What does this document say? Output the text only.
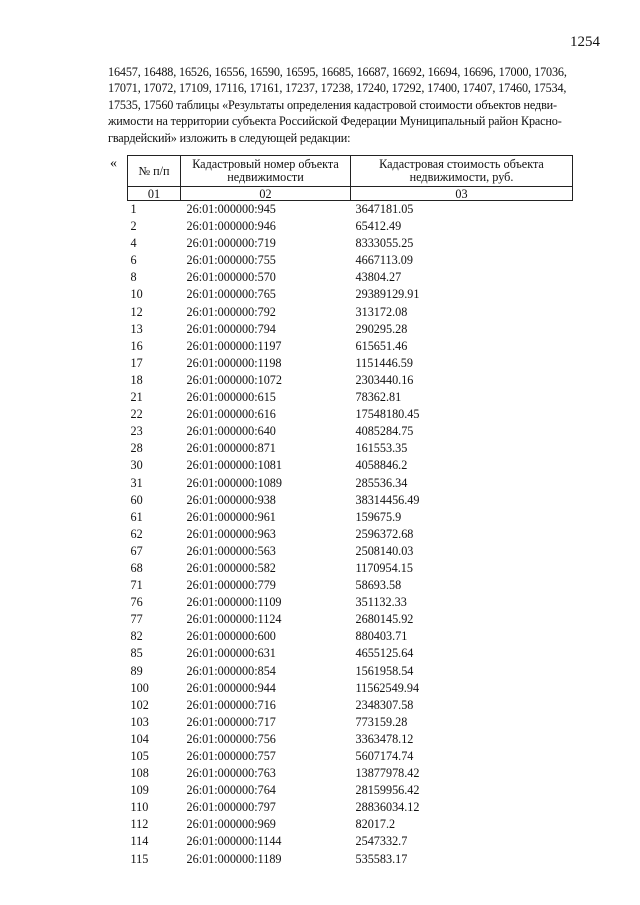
1254
16457, 16488, 16526, 16556, 16590, 16595, 16685, 16687, 16692, 16694, 16696, 17000, 17036,
17071, 17072, 17109, 17116, 17161, 17237, 17238, 17240, 17292, 17400, 17407, 17460, 17534,
17535, 17560 таблицы «Результаты определения кадастровой стоимости объектов недви-
жимости на территории субъекта Российской Федерации Муниципальный район Красно-
гвардейский» изложить в следующей редакции:
« № п/п	Кадастровый номер объекта недвижимости	Кадастровая стоимость объекта недвижимости, руб.
01	02	03
1	26:01:000000:945	3647181.05
2	26:01:000000:946	65412.49
4	26:01:000000:719	8333055.25
6	26:01:000000:755	4667113.09
8	26:01:000000:570	43804.27
10	26:01:000000:765	29389129.91
12	26:01:000000:792	313172.08
13	26:01:000000:794	290295.28
16	26:01:000000:1197	615651.46
17	26:01:000000:1198	1151446.59
18	26:01:000000:1072	2303440.16
21	26:01:000000:615	78362.81
22	26:01:000000:616	17548180.45
23	26:01:000000:640	4085284.75
28	26:01:000000:871	161553.35
30	26:01:000000:1081	4058846.2
31	26:01:000000:1089	285536.34
60	26:01:000000:938	38314456.49
61	26:01:000000:961	159675.9
62	26:01:000000:963	2596372.68
67	26:01:000000:563	2508140.03
68	26:01:000000:582	1170954.15
71	26:01:000000:779	58693.58
76	26:01:000000:1109	351132.33
77	26:01:000000:1124	2680145.92
82	26:01:000000:600	880403.71
85	26:01:000000:631	4655125.64
89	26:01:000000:854	1561958.54
100	26:01:000000:944	11562549.94
102	26:01:000000:716	2348307.58
103	26:01:000000:717	773159.28
104	26:01:000000:756	3363478.12
105	26:01:000000:757	5607174.74
108	26:01:000000:763	13877978.42
109	26:01:000000:764	28159956.42
110	26:01:000000:797	28836034.12
112	26:01:000000:969	82017.2
114	26:01:000000:1144	2547332.7
115	26:01:000000:1189	535583.17
